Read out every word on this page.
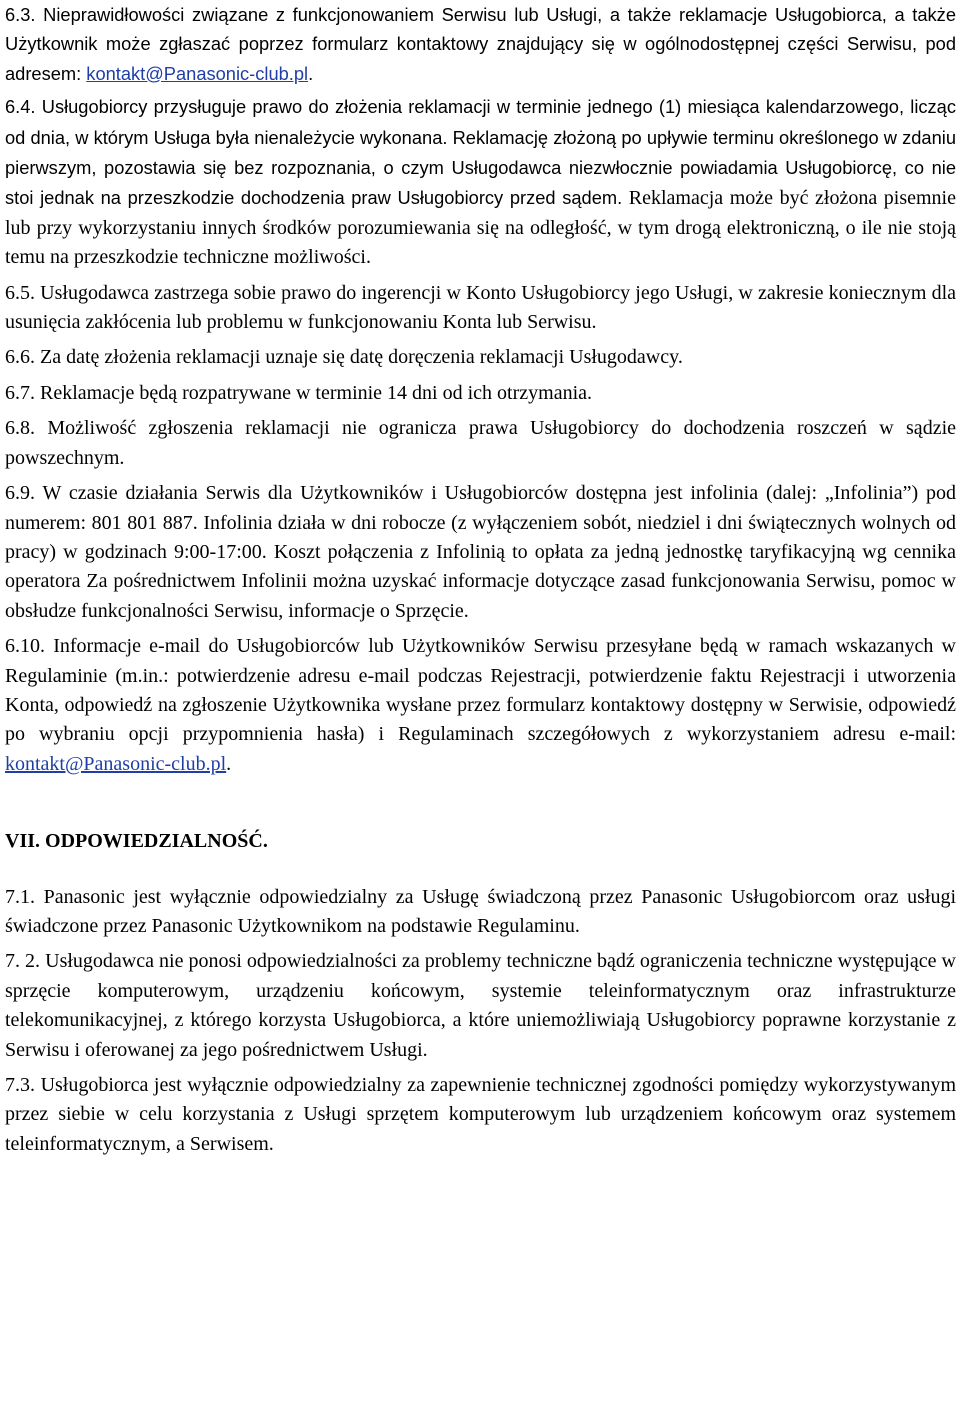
6.3. Nieprawidłowości związane z funkcjonowaniem Serwisu lub Usługi, a także reklamacje Usługobiorca, a także Użytkownik może zgłaszać poprzez formularz kontaktowy znajdujący się w ogólnodostępnej części Serwisu, pod adresem: kontakt@Panasonic-club.pl.

6.4. Usługobiorcy przysługuje prawo do złożenia reklamacji w terminie jednego (1) miesiąca kalendarzowego, licząc od dnia, w którym Usługa była nienależycie wykonana. Reklamację złożoną po upływie terminu określonego w zdaniu pierwszym, pozostawia się bez rozpoznania, o czym Usługodawca niezwłocznie powiadamia Usługobiorcę, co nie stoi jednak na przeszkodzie dochodzenia praw Usługobiorcy przed sądem. Reklamacja może być złożona pisemnie lub przy wykorzystaniu innych środków porozumiewania się na odległość, w tym drogą elektroniczną, o ile nie stoją temu na przeszkodzie techniczne możliwości.

6.5. Usługodawca zastrzega sobie prawo do ingerencji w Konto Usługobiorcy jego Usługi, w zakresie koniecznym dla usunięcia zakłócenia lub problemu w funkcjonowaniu Konta lub Serwisu.

6.6. Za datę złożenia reklamacji uznaje się datę doręczenia reklamacji Usługodawcy.

6.7. Reklamacje będą rozpatrywane w terminie 14 dni od ich otrzymania.

6.8. Możliwość zgłoszenia reklamacji nie ogranicza prawa Usługobiorcy do dochodzenia roszczeń w sądzie powszechnym.

6.9. W czasie działania Serwis dla Użytkowników i Usługobiorców dostępna jest infolinia (dalej: „Infolinia”) pod numerem: 801 801 887. Infolinia działa w dni robocze (z wyłączeniem sobót, niedziel i dni świątecznych wolnych od pracy) w godzinach 9:00-17:00. Koszt połączenia z Infolinią to opłata za jedną jednostkę taryfikacyjną wg cennika operatora Za pośrednictwem Infolinii można uzyskać informacje dotyczące zasad funkcjonowania Serwisu, pomoc w obsłudze funkcjonalności Serwisu, informacje o Sprzęcie.

6.10. Informacje e-mail do Usługobiorców lub Użytkowników Serwisu przesyłane będą w ramach wskazanych w Regulaminie (m.in.: potwierdzenie adresu e-mail podczas Rejestracji, potwierdzenie faktu Rejestracji i utworzenia Konta, odpowiedź na zgłoszenie Użytkownika wysłane przez formularz kontaktowy dostępny w Serwisie, odpowiedź po wybraniu opcji przypomnienia hasła) i Regulaminach szczegółowych z wykorzystaniem adresu e-mail: kontakt@Panasonic-club.pl.

VII. ODPOWIEDZIALNOŚĆ.

7.1. Panasonic jest wyłącznie odpowiedzialny za Usługę świadczoną przez Panasonic Usługobiorcom oraz usługi świadczone przez Panasonic Użytkownikom na podstawie Regulaminu.

7. 2. Usługodawca nie ponosi odpowiedzialności za problemy techniczne bądź ograniczenia techniczne występujące w sprzęcie komputerowym, urządzeniu końcowym, systemie teleinformatycznym oraz infrastrukturze telekomunikacyjnej, z którego korzysta Usługobiorca, a które uniemożliwiają Usługobiorcy poprawne korzystanie z Serwisu i oferowanej za jego pośrednictwem Usługi.

7.3. Usługobiorca jest wyłącznie odpowiedzialny za zapewnienie technicznej zgodności pomiędzy wykorzystywanym przez siebie w celu korzystania z Usługi sprzętem komputerowym lub urządzeniem końcowym oraz systemem teleinformatycznym, a Serwisem.
